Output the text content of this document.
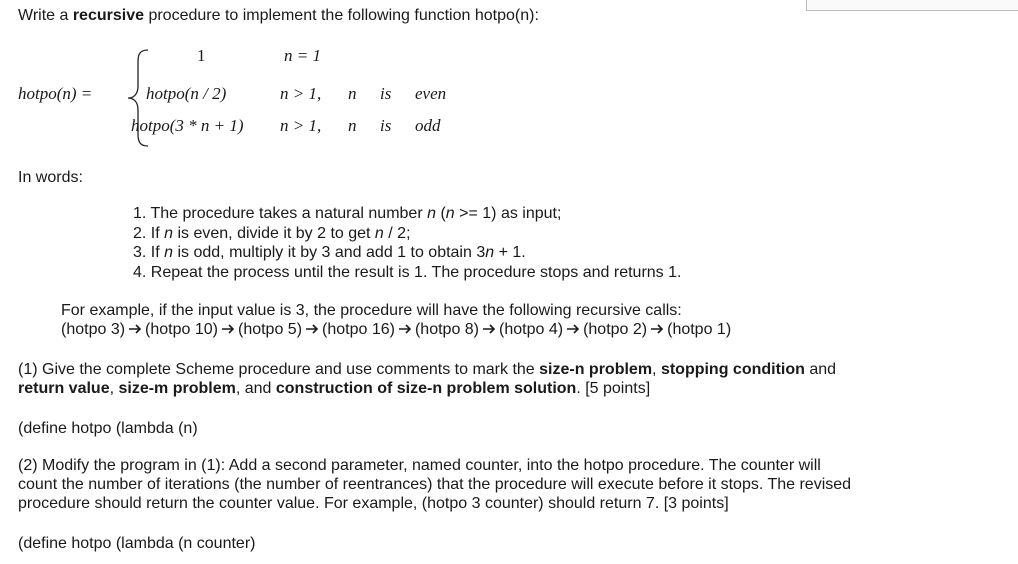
Write a recursive procedure to implement the following function hotpo(n):
hotpo(n) =
1	n = 1
hotpo(n / 2)	n > 1, n is even
hotpo(3 * n + 1) n > 1, n is odd
In words:
1. The procedure takes a natural number n (n >= 1) as input;
2. If n is even, divide it by 2 to get n / 2;
3. If n is odd, multiply it by 3 and add 1 to obtain 3n + 1.
4. Repeat the process until the result is 1. The procedure stops and returns 1.
For example, if the input value is 3, the procedure will have the following recursive calls:
(hotpo 3) (hotpo 10) (hotpo 5) (hotpo 16) (hotpo 8) (hotpo 4) (hotpo 2) (hotpo 1)
(1) Give the complete Scheme procedure and use comments to mark the size-n problem, stopping condition and
return value, size-m problem, and construction of size-n problem solution. [5 points]
(define hotpo (lambda (n)
(2) Modify the program in (1): Add a second parameter, named counter, into the hotpo procedure. The counter will
count the number of iterations (the number of reentrances) that the procedure will execute before it stops. The revised
procedure should return the counter value. For example, (hotpo 3 counter) should return 7. [3 points]
(define hotpo (lambda (n counter)
